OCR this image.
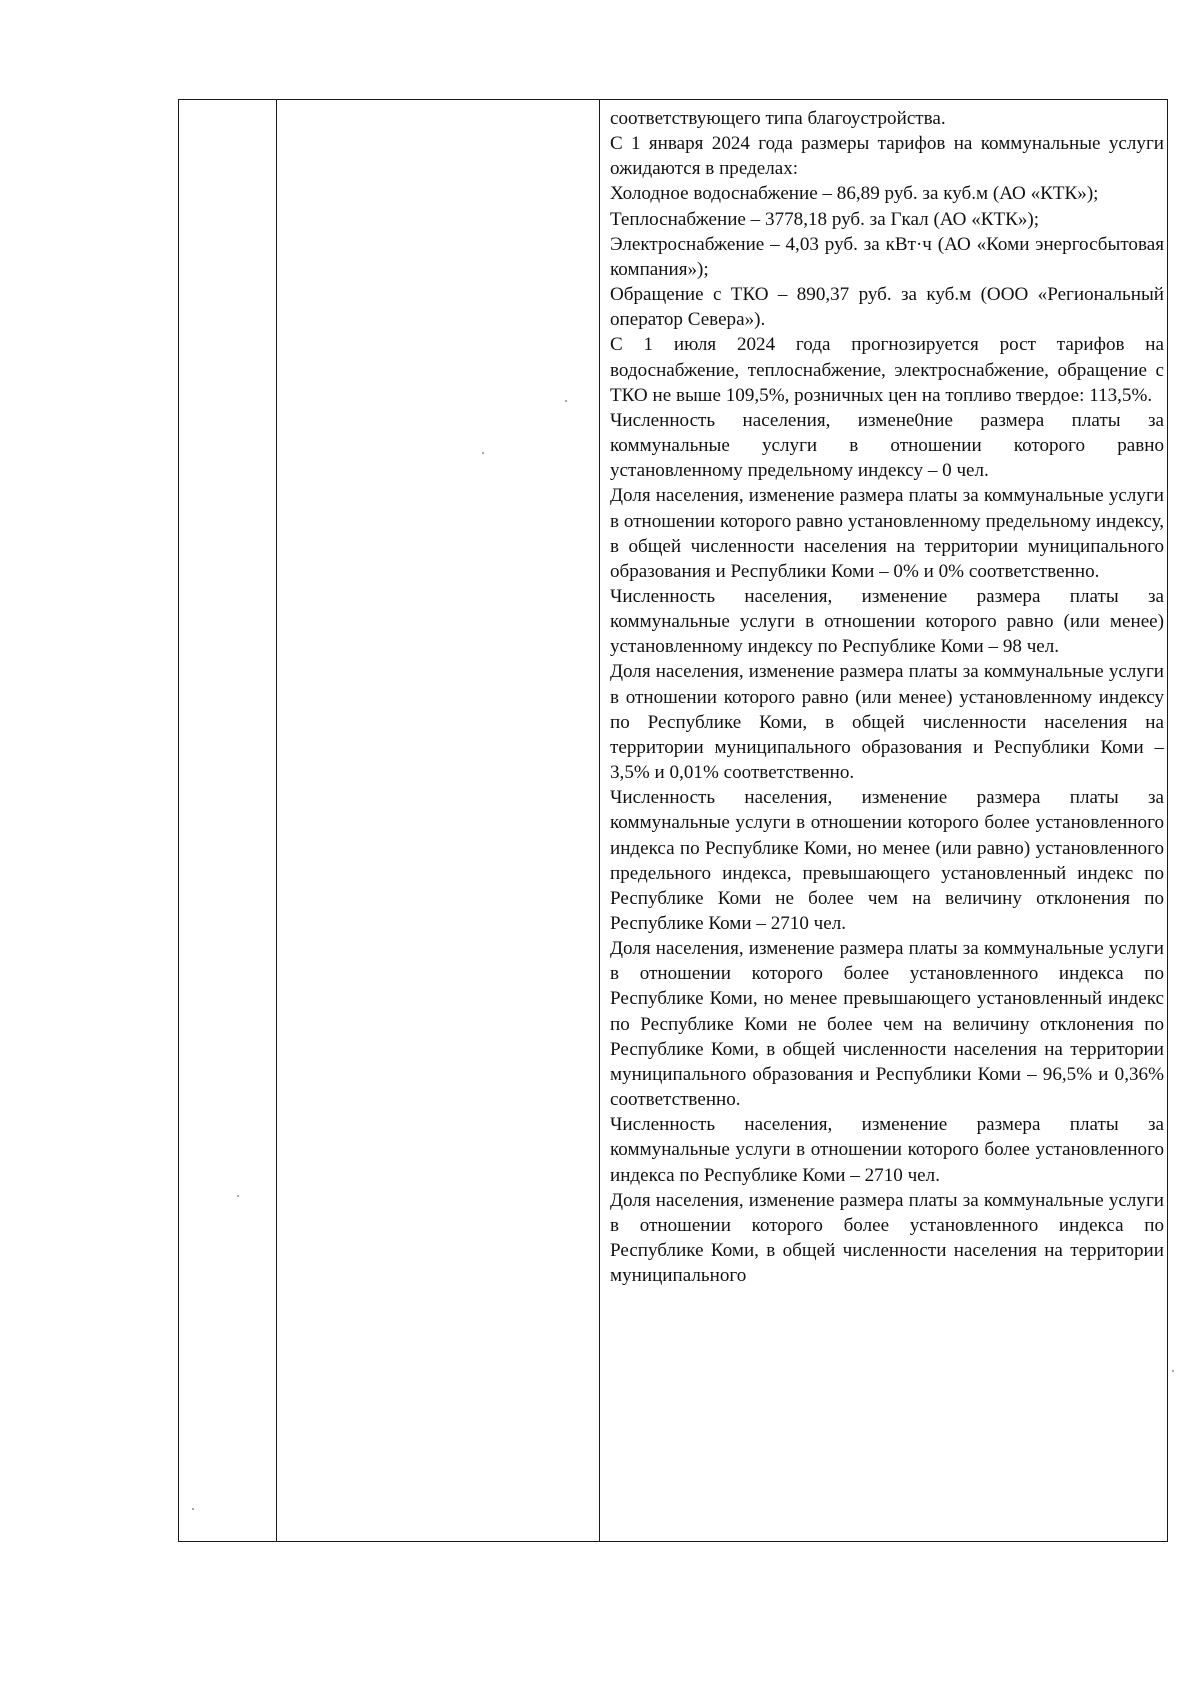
соответствующего типа благоустройства.

С 1 января 2024 года размеры тарифов на коммунальные услуги ожидаются в пределах:

Холодное водоснабжение – 86,89 руб. за куб.м (АО «КТК»);

Теплоснабжение – 3778,18 руб. за Гкал (АО «КТК»);

Электроснабжение – 4,03 руб. за кВт·ч (АО «Коми энергосбытовая компания»);

Обращение с ТКО – 890,37 руб. за куб.м (ООО «Региональный оператор Севера»).

С 1 июля 2024 года прогнозируется рост тарифов на водоснабжение, теплоснабжение, электроснабжение, обращение с ТКО не выше 109,5%, розничных цен на топливо твердое: 113,5%.

Численность населения, измене0ние размера платы за коммунальные услуги в отношении которого равно установленному предельному индексу – 0 чел.

Доля населения, изменение размера платы за коммунальные услуги в отношении которого равно установленному предельному индексу, в общей численности населения на территории муниципального образования и Республики Коми – 0% и 0% соответственно.

Численность населения, изменение размера платы за коммунальные услуги в отношении которого равно (или менее) установленному индексу по Республике Коми – 98 чел.

Доля населения, изменение размера платы за коммунальные услуги в отношении которого равно (или менее) установленному индексу по Республике Коми, в общей численности населения на территории муниципального образования и Республики Коми – 3,5% и 0,01% соответственно.

Численность населения, изменение размера платы за коммунальные услуги в отношении которого более установленного индекса по Республике Коми, но менее (или равно) установленного предельного индекса, превышающего установленный индекс по Республике Коми не более чем на величину отклонения по Республике Коми – 2710 чел.

Доля населения, изменение размера платы за коммунальные услуги в отношении которого более установленного индекса по Республике Коми, но менее превышающего установленный индекс по Республике Коми не более чем на величину отклонения по Республике Коми, в общей численности населения на территории муниципального образования и Республики Коми – 96,5% и 0,36% соответственно.

Численность населения, изменение размера платы за коммунальные услуги в отношении которого более установленного индекса по Республике Коми – 2710 чел.

Доля населения, изменение размера платы за коммунальные услуги в отношении которого более установленного индекса по Республике Коми, в общей численности населения на территории муниципального
